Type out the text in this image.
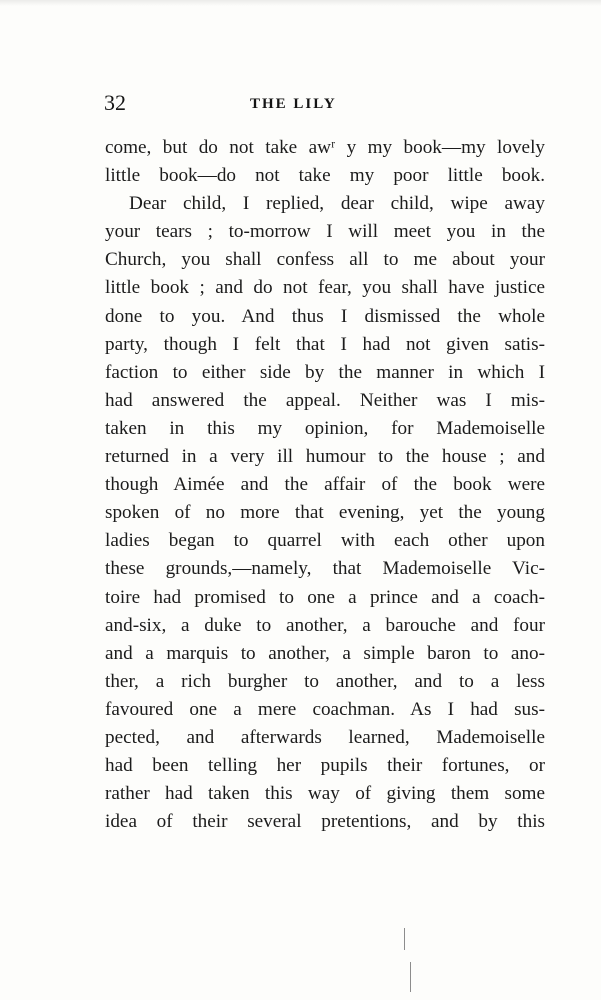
32	THE LILY
come, but do not take awʳ y my book—my lovely
little book—do not take my poor little book.
Dear child, I replied, dear child, wipe away
your tears ; to-morrow I will meet you in the
Church, you shall confess all to me about your
little book ; and do not fear, you shall have justice
done to you. And thus I dismissed the whole
party, though I felt that I had not given satis-
faction to either side by the manner in which I
had answered the appeal. Neither was I mis-
taken in this my opinion, for Mademoiselle
returned in a very ill humour to the house ; and
though Aimée and the affair of the book were
spoken of no more that evening, yet the young
ladies began to quarrel with each other upon
these grounds,—namely, that Mademoiselle Vic-
toire had promised to one a prince and a coach-
and-six, a duke to another, a barouche and four
and a marquis to another, a simple baron to ano-
ther, a rich burgher to another, and to a less
favoured one a mere coachman. As I had sus-
pected, and afterwards learned, Mademoiselle
had been telling her pupils their fortunes, or
rather had taken this way of giving them some
idea of their several pretentions, and by this
